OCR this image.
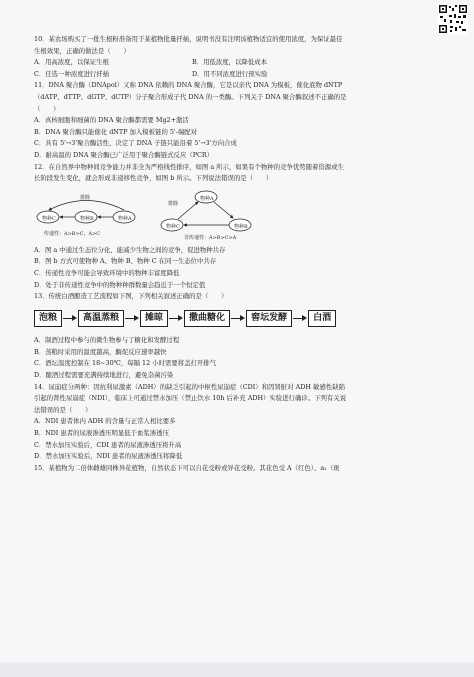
10．某农场购买了一批生根粉准备用于某植物批量扦插，说明书没有注明该植物适宜的使用浓度，为保证最佳
生根效果，正确的做法是（　　）
A．用高浓度，以保证生根	B．用低浓度，以降低成本
C．任选一种浓度进行扦插	D．用不同浓度进行预实验
11．DNA 聚合酶（DNApol）又称 DNA 依赖的 DNA 聚合酶，它是以亲代 DNA 为模板，催化底物 dNTP
（dATP、dTTP、dGTP、dCTP）分子聚合形成子代 DNA 的一类酶。下列关于 DNA 聚合酶叙述不正确的是
（　　）
A．真核细胞和细菌的 DNA 聚合酶都需要 Mg2+激活
B．DNA 聚合酶只能催化 dNTP 加入模板链的 5'-端配对
C．具有 5'→3'聚合酶活性，决定了 DNA 子链只能沿着 5'→3'方向合成
D．耐高温的 DNA 聚合酶已广泛用于聚合酶链式反应（PCR）
12．在自然界中物种间竞争能力并非全为严格线性排序，如图 a 所示，如果有个物种的竞争优势随着资源或生
长阶段发生变化，就会形成非递移性竞争，如图 b 所示。下列说法错误的是（　　）
物种C	物种B	物种A
排除
传递性：A>B>C，A>C
物种A
物种B
物种C
排除
非传递性：A>B>C>A
A．图 a 中通过生态位分化，能减少生物之间的竞争，促进物种共存
B．图 b 方式可使物种 A、物种 B、物种 C 在同一生态位中共存
C．传递性竞争可能会导致环境中的物种丰富度降低
D．处于非传递性竞争中的物种种群数量会趋近于一个恒定值
13．传统白酒酿造工艺流程如下图，下列相关叙述正确的是（　　）
泡粮	高温蒸粮	摊晾	撒曲糖化	窖坛发酵	白酒
A．制酒过程中参与的微生物参与了糖化和发酵过程
B．蒸粮时采用的温度越高，酶促反应速率越快
C．酒坛温度控制在 18~30℃，每隔 12 小时需要将盖打开排气
D．酿酒过程需要充满持续地进行，避免杂菌污染
14．尿崩症分两种：因抗利尿激素（ADH）的缺乏引起的中枢性尿崩症（CDI）和因肾脏对 ADH 敏感性缺陷
引起的肾性尿崩症（NDI），临床上可通过禁水加压（禁止饮水 10h 后补充 ADH）实验进行确诊。下列有关说
法错误的是（　　）
A．NDI 患者体内 ADH 的含量与正常人相比要多
B．NDI 患者的尿液渗透压明显低于血浆渗透压
C．禁水加压实验后，CDI 患者的尿液渗透压将升高
D．禁水加压实验后，NDI 患者的尿液渗透压将降低
15．某植物为二倍体雌雄同株异花植物，自然状态下可以自花受粉或异花受粉。其花色受 A（红色）、a₁（斑
